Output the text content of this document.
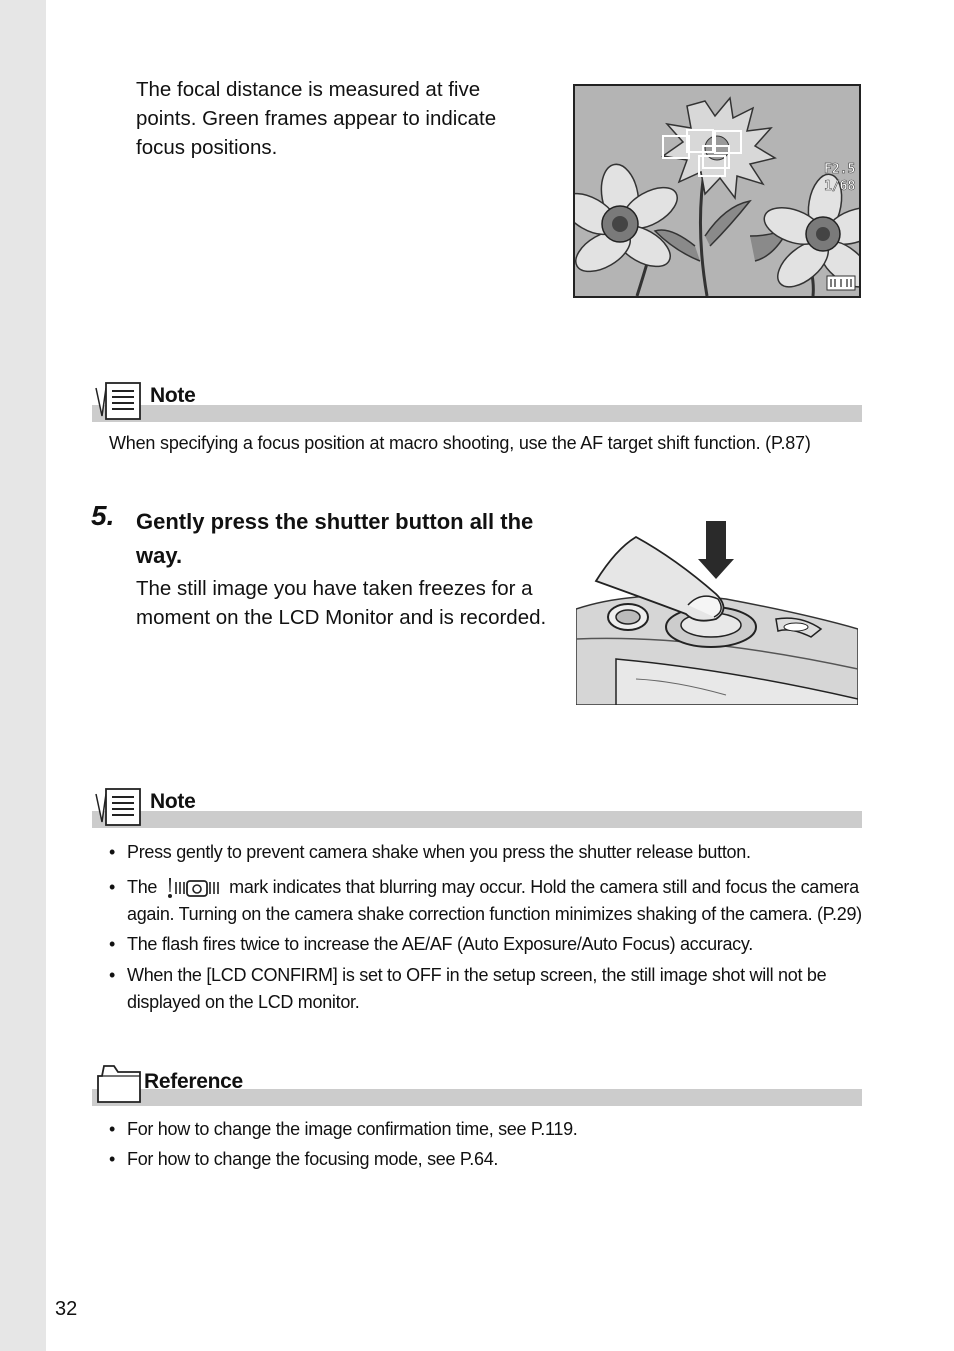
The focal distance is measured at five points. Green frames appear to indicate focus positions.

F2.5
1/68
Note

When specifying a focus position at macro shooting, use the AF target shift function. (P.87)

5. Gently press the shutter button all the way.

The still image you have taken freezes for a moment on the LCD Monitor and is recorded.

Note
• Press gently to prevent camera shake when you press the shutter release button.
• The	mark indicates that blurring may occur. Hold the camera still and focus the camera again. Turning on the camera shake correction function minimizes shaking of the camera. (P.29)
• The flash fires twice to increase the AE/AF (Auto Exposure/Auto Focus) accuracy.
• When the [LCD CONFIRM] is set to OFF in the setup screen, the still image shot will not be displayed on the LCD monitor.
Reference
• For how to change the image confirmation time, see P.119.
• For how to change the focusing mode, see P.64.
32
